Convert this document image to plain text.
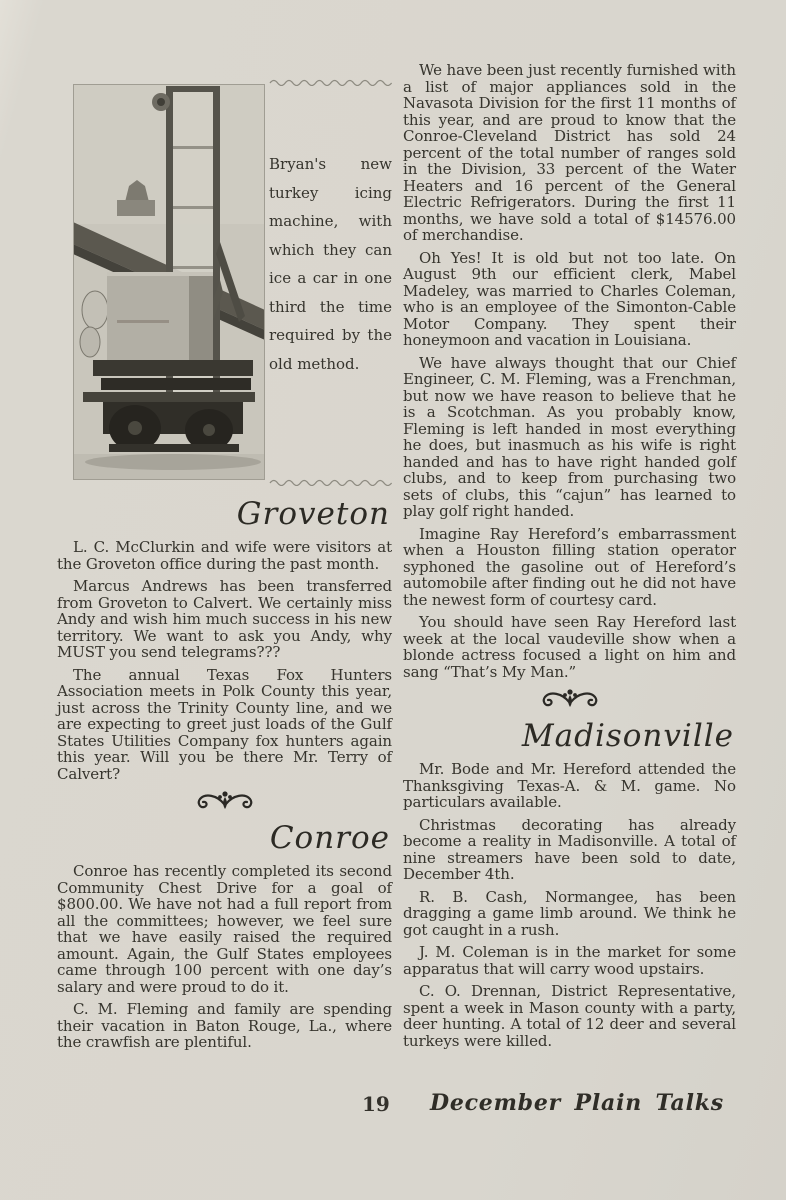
Bryan's new turkey icing machine, with which they can ice a car in one third the time required by the old method.
Groveton

L. C. McClurkin and wife were visitors at the Groveton office during the past month.

Marcus Andrews has been transferred from Groveton to Calvert. We certainly miss Andy and wish him much success in his new territory. We want to ask you Andy, why MUST you send telegrams???

The annual Texas Fox Hunters Association meets in Polk County this year, just across the Trinity County line, and we are expecting to greet just loads of the Gulf States Utilities Company fox hunters again this year. Will you be there Mr. Terry of Calvert?

Conroe

Conroe has recently completed its second Community Chest Drive for a goal of $800.00. We have not had a full report from all the committees; however, we feel sure that we have easily raised the required amount. Again, the Gulf States employees came through 100 percent with one day’s salary and were proud to do it.

C. M. Fleming and family are spending their vacation in Baton Rouge, La., where the crawfish are plentiful.

We have been just recently furnished with a list of major appliances sold in the Navasota Division for the first 11 months of this year, and are proud to know that the Conroe-Cleveland District has sold 24 percent of the total number of ranges sold in the Division, 33 percent of the Water Heaters and 16 percent of the General Electric Refrigerators. During the first 11 months, we have sold a total of $14576.00 of merchandise.

Oh Yes! It is old but not too late. On August 9th our efficient clerk, Mabel Madeley, was married to Charles Coleman, who is an employee of the Simonton-Cable Motor Company. They spent their honeymoon and vacation in Louisiana.

We have always thought that our Chief Engineer, C. M. Fleming, was a Frenchman, but now we have reason to believe that he is a Scotchman. As you probably know, Fleming is left handed in most everything he does, but inasmuch as his wife is right handed and has to have right handed golf clubs, and to keep from purchasing two sets of clubs, this “cajun” has learned to play golf right handed.

Imagine Ray Hereford’s embarrassment when a Houston filling station operator syphoned the gasoline out of Hereford’s automobile after finding out he did not have the newest form of courtesy card.

You should have seen Ray Hereford last week at the local vaudeville show when a blonde actress focused a light on him and sang “That’s My Man.”

Madisonville

Mr. Bode and Mr. Hereford attended the Thanksgiving Texas-A. & M. game. No particulars available.

Christmas decorating has already become a reality in Madisonville. A total of nine streamers have been sold to date, December 4th.

R. B. Cash, Normangee, has been dragging a game limb around. We think he got caught in a rush.

J. M. Coleman is in the market for some apparatus that will carry wood upstairs.

C. O. Drennan, District Representative, spent a week in Mason county with a party, deer hunting. A total of 12 deer and several turkeys were killed.

19 December Plain Talks
